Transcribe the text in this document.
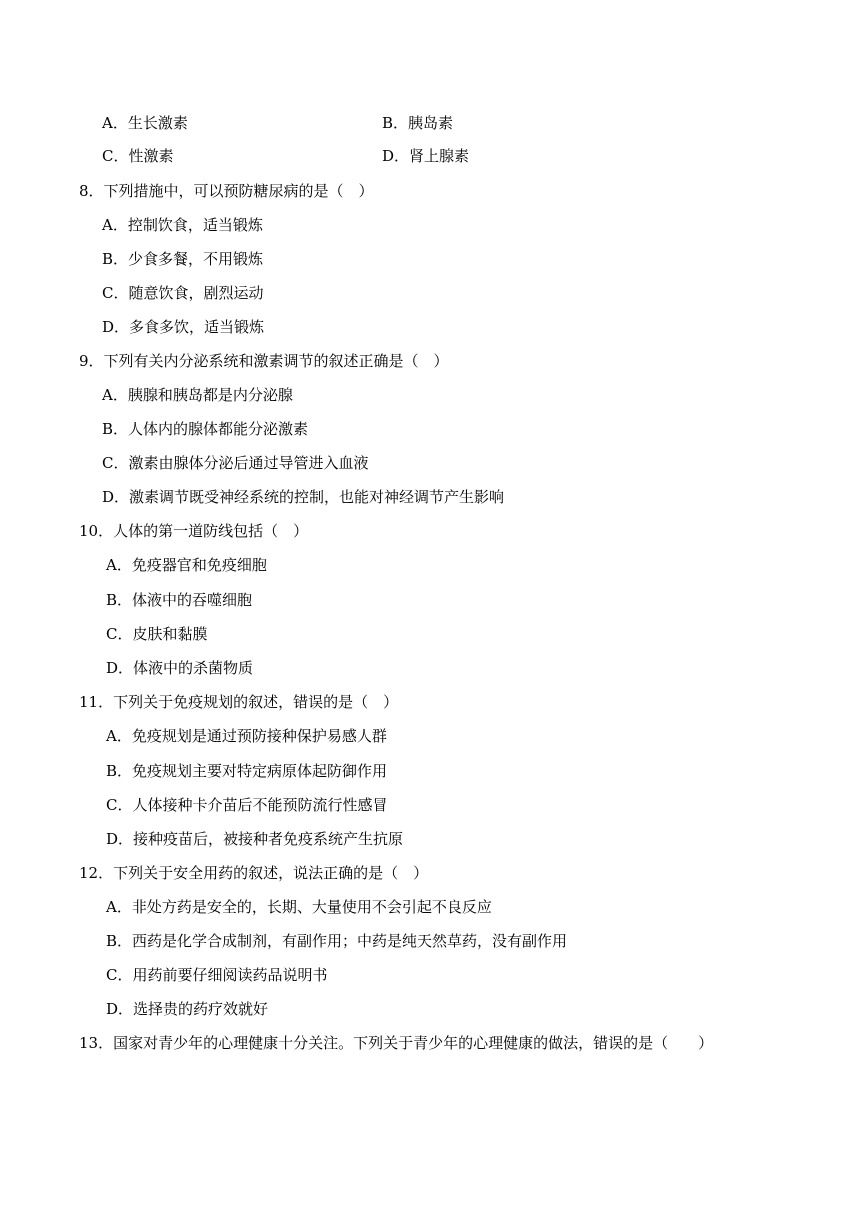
A．生长激素	B．胰岛素
C．性激素	D．肾上腺素
8．下列措施中，可以预防糖尿病的是（　）
A．控制饮食，适当锻炼
B．少食多餐，不用锻炼
C．随意饮食，剧烈运动
D．多食多饮，适当锻炼
9．下列有关内分泌系统和激素调节的叙述正确是（　）
A．胰腺和胰岛都是内分泌腺
B．人体内的腺体都能分泌激素
C．激素由腺体分泌后通过导管进入血液
D．激素调节既受神经系统的控制，也能对神经调节产生影响
10．人体的第一道防线包括（　）
A．免疫器官和免疫细胞
B．体液中的吞噬细胞
C．皮肤和黏膜
D．体液中的杀菌物质
11．下列关于免疫规划的叙述，错误的是（　）
A．免疫规划是通过预防接种保护易感人群
B．免疫规划主要对特定病原体起防御作用
C．人体接种卡介苗后不能预防流行性感冒
D．接种疫苗后，被接种者免疫系统产生抗原
12．下列关于安全用药的叙述，说法正确的是（　）
A．非处方药是安全的，长期、大量使用不会引起不良反应
B．西药是化学合成制剂，有副作用；中药是纯天然草药，没有副作用
C．用药前要仔细阅读药品说明书
D．选择贵的药疗效就好
13．国家对青少年的心理健康十分关注。下列关于青少年的心理健康的做法，错误的是（　　）
